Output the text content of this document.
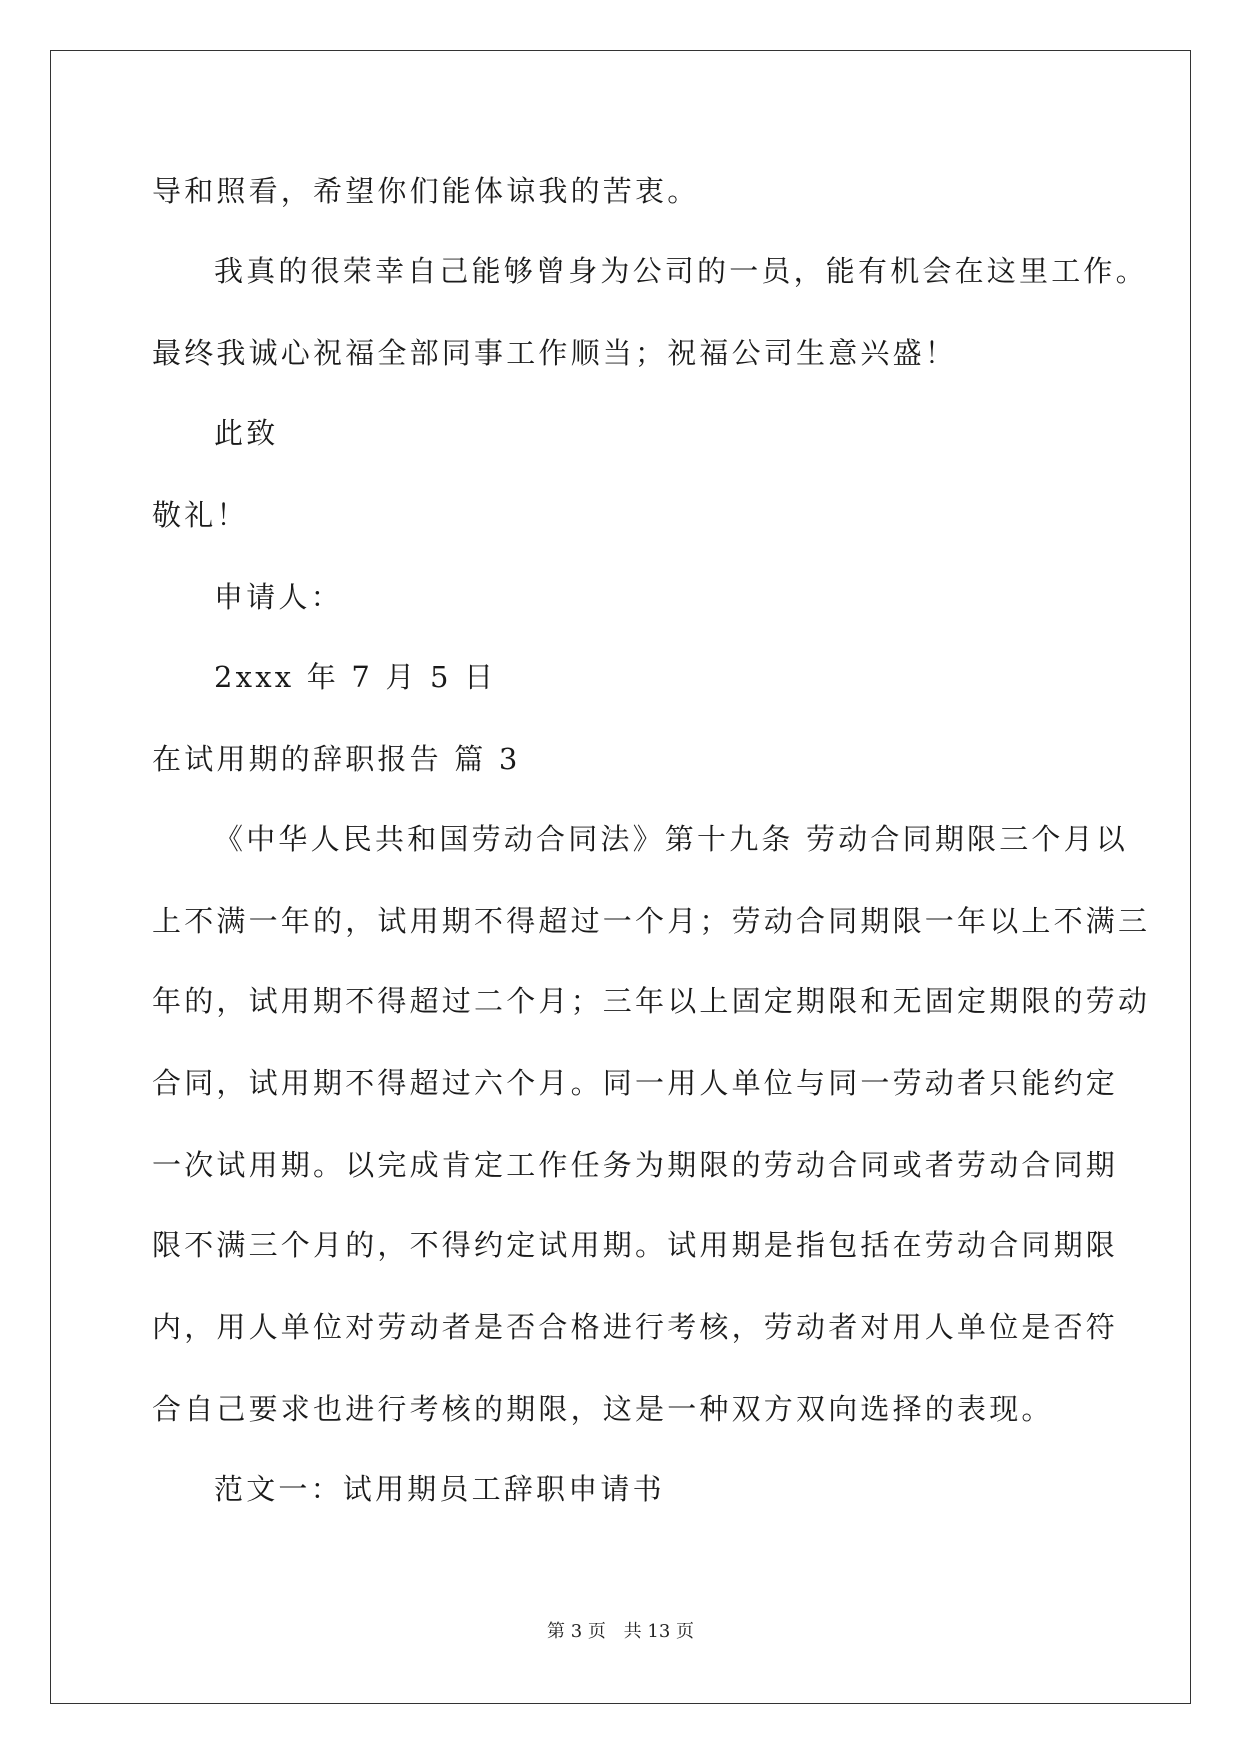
导和照看，希望你们能体谅我的苦衷。
我真的很荣幸自己能够曾身为公司的一员，能有机会在这里工作。
最终我诚心祝福全部同事工作顺当；祝福公司生意兴盛！
此致
敬礼！
申请人：
2xxx 年 7 月 5 日
在试用期的辞职报告 篇 3
《中华人民共和国劳动合同法》第十九条 劳动合同期限三个月以
上不满一年的，试用期不得超过一个月；劳动合同期限一年以上不满三
年的，试用期不得超过二个月；三年以上固定期限和无固定期限的劳动
合同，试用期不得超过六个月。同一用人单位与同一劳动者只能约定
一次试用期。以完成肯定工作任务为期限的劳动合同或者劳动合同期
限不满三个月的，不得约定试用期。试用期是指包括在劳动合同期限
内，用人单位对劳动者是否合格进行考核，劳动者对用人单位是否符
合自己要求也进行考核的期限，这是一种双方双向选择的表现。
范文一：试用期员工辞职申请书
第 3 页 共 13 页
